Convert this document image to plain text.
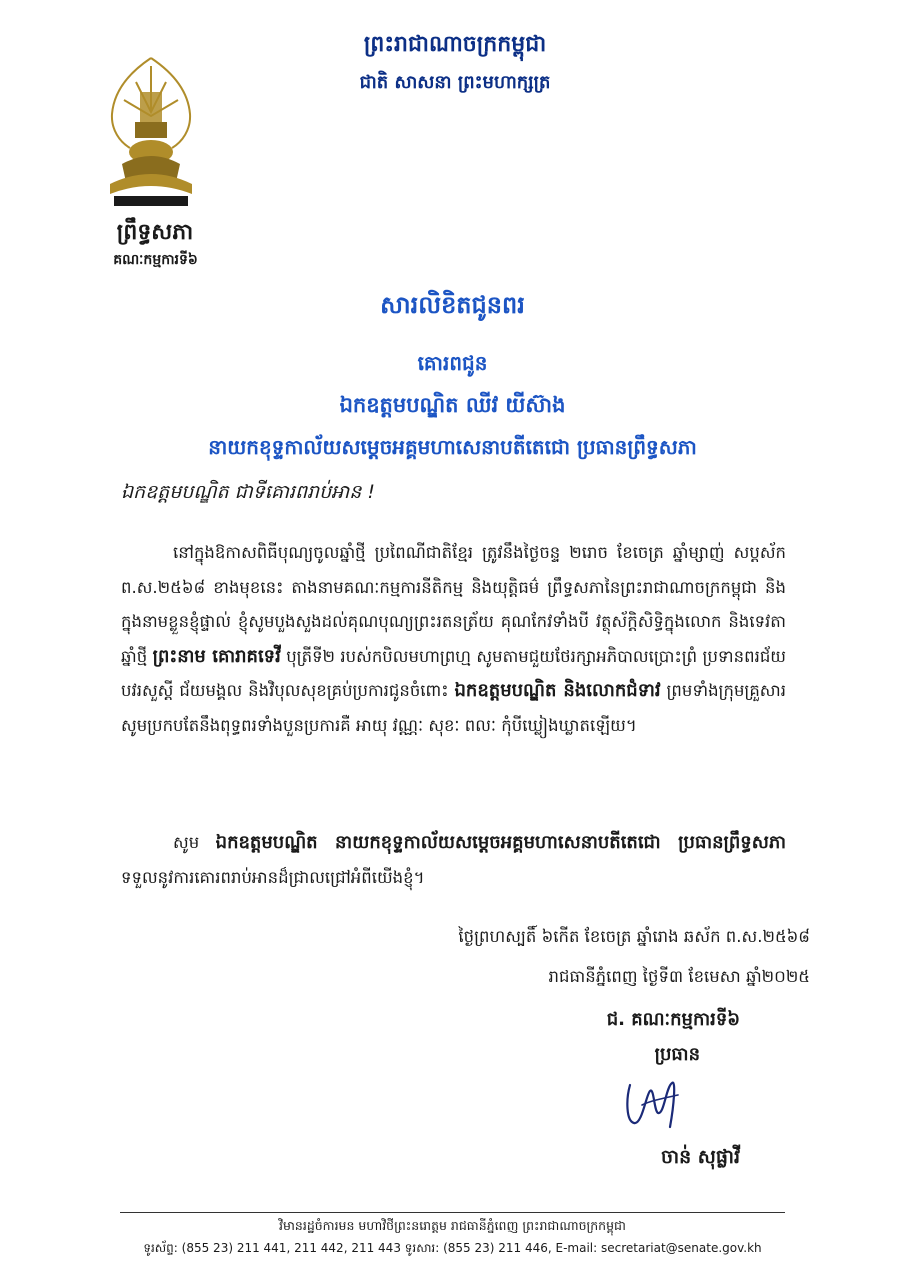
ព្រឹទ្ធសភា
គណៈកម្មការទី៦
ព្រះរាជាណាចក្រកម្ពុជា
ជាតិ សាសនា ព្រះមហាក្សត្រ
សារលិខិតជូនពរ
គោរពជូន
ឯកឧត្តមបណ្ឌិត ឈីវ យីស៊ាង
នាយកខុទ្ទកាល័យសម្តេចអគ្គមហាសេនាបតីតេជោ ប្រធានព្រឹទ្ធសភា
ឯកឧត្តមបណ្ឌិត ជាទីគោរពរាប់អាន !
នៅក្នុងឱកាសពិធីបុណ្យចូលឆ្នាំថ្មី ប្រពៃណីជាតិខ្មែរ ត្រូវនឹងថ្ងៃចន្ទ ២រោច ខែចេត្រ ឆ្នាំម្សាញ់ សប្តស័ក ព.ស.២៥៦៨ ខាងមុខនេះ តាងនាមគណៈកម្មការនីតិកម្ម និងយុត្តិធម៌ ព្រឹទ្ធសភានៃព្រះរាជាណាចក្រកម្ពុជា និងក្នុងនាមខ្លួនខ្ញុំផ្ទាល់ ខ្ញុំសូមបួងសួងដល់គុណបុណ្យព្រះរតនត្រ័យ គុណកែវទាំងបី វត្ថុស័ក្តិសិទ្ធិក្នុងលោក និងទេវតាឆ្នាំថ្មី ព្រះនាម គោរាគទេវី បុត្រីទី២ របស់កបិលមហាព្រហ្ម សូមតាមជួយថែរក្សាអភិបាលប្រោះព្រំ ប្រទានពរជ័យ បវរសួស្តី ជ័យមង្គល និងវិបុលសុខគ្រប់ប្រការជូនចំពោះ ឯកឧត្តមបណ្ឌិត និងលោកជំទាវ ព្រមទាំងក្រុមគ្រួសារ សូមប្រកបតែនឹងពុទ្ធពរទាំងបួនប្រការគឺ អាយុ វណ្ណៈ សុខៈ ពលៈ កុំបីឃ្លៀងឃ្លាតឡើយ។
សូម ឯកឧត្តមបណ្ឌិត នាយកខុទ្ទកាល័យសម្តេចអគ្គមហាសេនាបតីតេជោ ប្រធានព្រឹទ្ធសភា ទទួលនូវការគោរពរាប់អានដ៏ជ្រាលជ្រៅអំពីយើងខ្ញុំ។
ថ្ងៃព្រហស្បតិ៍ ៦កើត ខែចេត្រ ឆ្នាំរោង ឆស័ក ព.ស.២៥៦៨
រាជធានីភ្នំពេញ ថ្ងៃទី៣ ខែមេសា ឆ្នាំ២០២៥
ជ. គណៈកម្មការទី៦
ប្រធាន
ចាន់ សុផ្លាវី
វិមានរដ្ឋចំការមន មហាវិថីព្រះនរោត្តម រាជធានីភ្នំពេញ ព្រះរាជាណាចក្រកម្ពុជា
ទូរស័ព្ទ: (855 23) 211 441, 211 442, 211 443 ទូរសារ: (855 23) 211 446, E-mail: secretariat@senate.gov.kh
